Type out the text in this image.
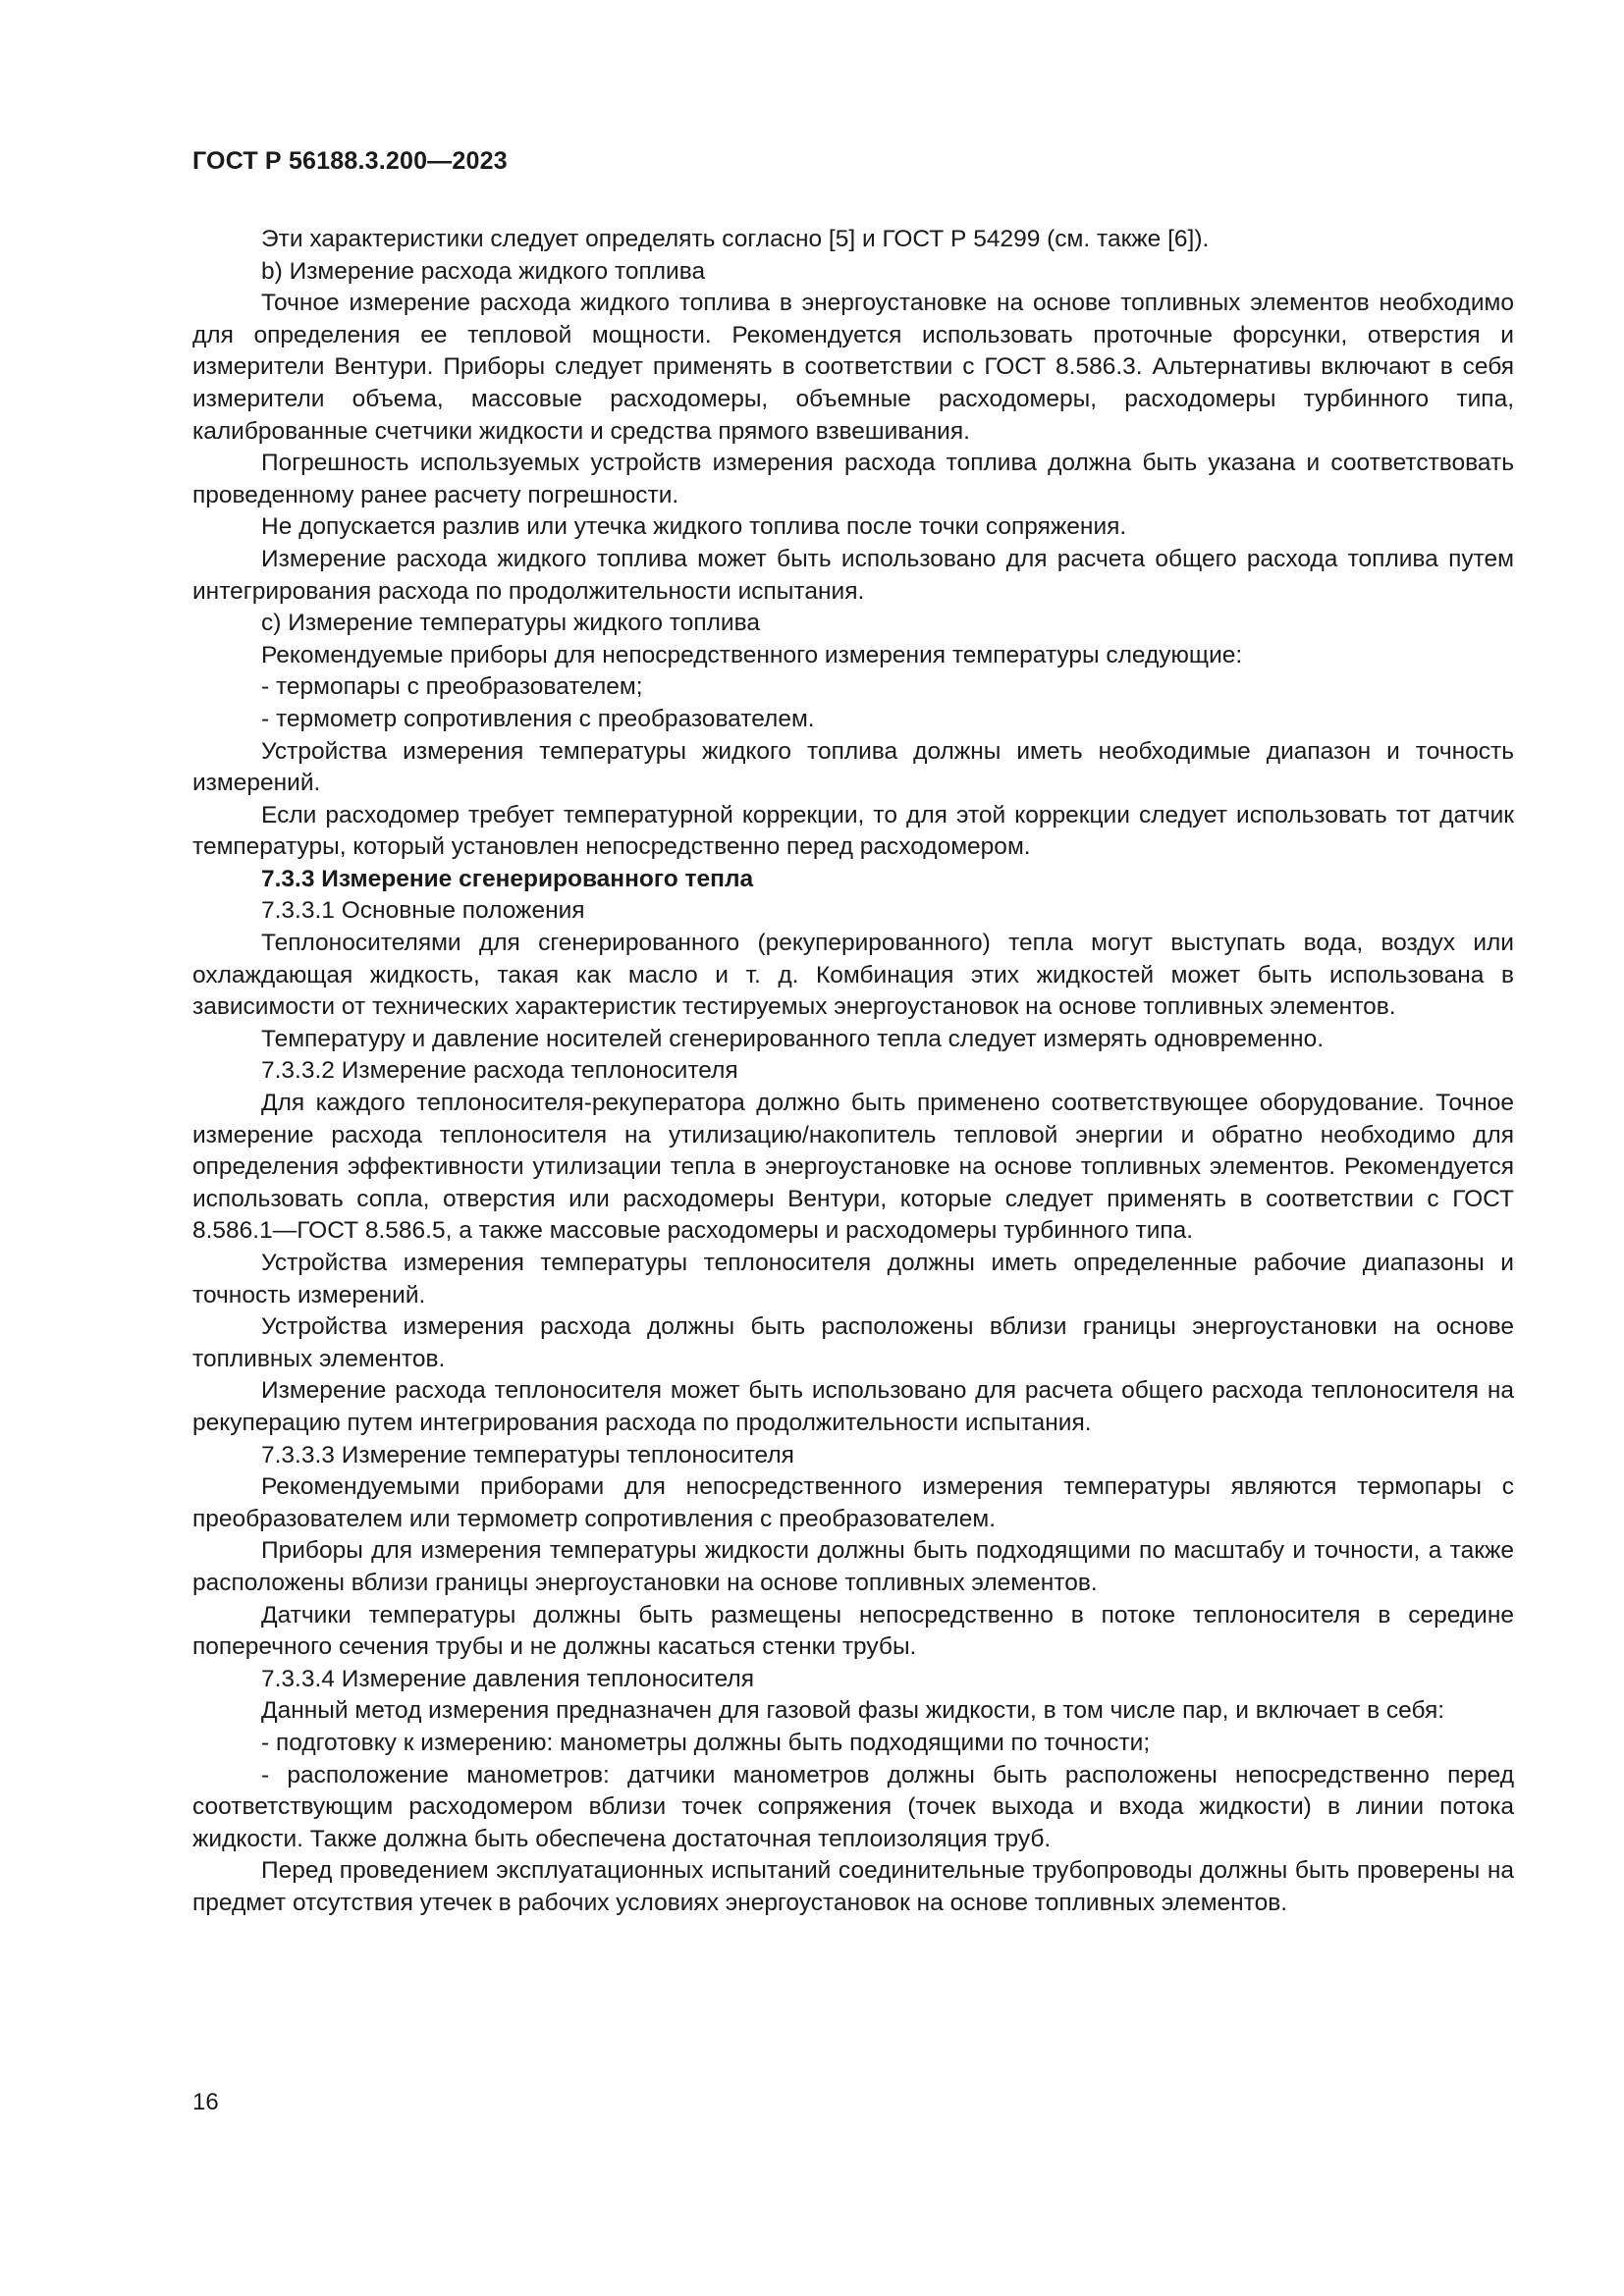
ГОСТ Р 56188.3.200—2023

Эти характеристики следует определять согласно [5] и ГОСТ Р 54299 (см. также [6]).

b) Измерение расхода жидкого топлива

Точное измерение расхода жидкого топлива в энергоустановке на основе топливных элементов необходимо для определения ее тепловой мощности. Рекомендуется использовать проточные форсунки, отверстия и измерители Вентури. Приборы следует применять в соответствии с ГОСТ 8.586.3. Альтернативы включают в себя измерители объема, массовые расходомеры, объемные расходомеры, расходомеры турбинного типа, калиброванные счетчики жидкости и средства прямого взвешивания.

Погрешность используемых устройств измерения расхода топлива должна быть указана и соответствовать проведенному ранее расчету погрешности.

Не допускается разлив или утечка жидкого топлива после точки сопряжения.

Измерение расхода жидкого топлива может быть использовано для расчета общего расхода топлива путем интегрирования расхода по продолжительности испытания.

c) Измерение температуры жидкого топлива

Рекомендуемые приборы для непосредственного измерения температуры следующие:

- термопары с преобразователем;

- термометр сопротивления с преобразователем.

Устройства измерения температуры жидкого топлива должны иметь необходимые диапазон и точность измерений.

Если расходомер требует температурной коррекции, то для этой коррекции следует использовать тот датчик температуры, который установлен непосредственно перед расходомером.

7.3.3 Измерение сгенерированного тепла

7.3.3.1 Основные положения

Теплоносителями для сгенерированного (рекуперированного) тепла могут выступать вода, воздух или охлаждающая жидкость, такая как масло и т. д. Комбинация этих жидкостей может быть использована в зависимости от технических характеристик тестируемых энергоустановок на основе топливных элементов.

Температуру и давление носителей сгенерированного тепла следует измерять одновременно.

7.3.3.2 Измерение расхода теплоносителя

Для каждого теплоносителя-рекуператора должно быть применено соответствующее оборудование. Точное измерение расхода теплоносителя на утилизацию/накопитель тепловой энергии и обратно необходимо для определения эффективности утилизации тепла в энергоустановке на основе топливных элементов. Рекомендуется использовать сопла, отверстия или расходомеры Вентури, которые следует применять в соответствии с ГОСТ 8.586.1—ГОСТ 8.586.5, а также массовые расходомеры и расходомеры турбинного типа.

Устройства измерения температуры теплоносителя должны иметь определенные рабочие диапазоны и точность измерений.

Устройства измерения расхода должны быть расположены вблизи границы энергоустановки на основе топливных элементов.

Измерение расхода теплоносителя может быть использовано для расчета общего расхода теплоносителя на рекуперацию путем интегрирования расхода по продолжительности испытания.

7.3.3.3 Измерение температуры теплоносителя

Рекомендуемыми приборами для непосредственного измерения температуры являются термопары с преобразователем или термометр сопротивления с преобразователем.

Приборы для измерения температуры жидкости должны быть подходящими по масштабу и точности, а также расположены вблизи границы энергоустановки на основе топливных элементов.

Датчики температуры должны быть размещены непосредственно в потоке теплоносителя в середине поперечного сечения трубы и не должны касаться стенки трубы.

7.3.3.4 Измерение давления теплоносителя

Данный метод измерения предназначен для газовой фазы жидкости, в том числе пар, и включает в себя:

- подготовку к измерению: манометры должны быть подходящими по точности;

- расположение манометров: датчики манометров должны быть расположены непосредственно перед соответствующим расходомером вблизи точек сопряжения (точек выхода и входа жидкости) в линии потока жидкости. Также должна быть обеспечена достаточная теплоизоляция труб.

Перед проведением эксплуатационных испытаний соединительные трубопроводы должны быть проверены на предмет отсутствия утечек в рабочих условиях энергоустановок на основе топливных элементов.

16
